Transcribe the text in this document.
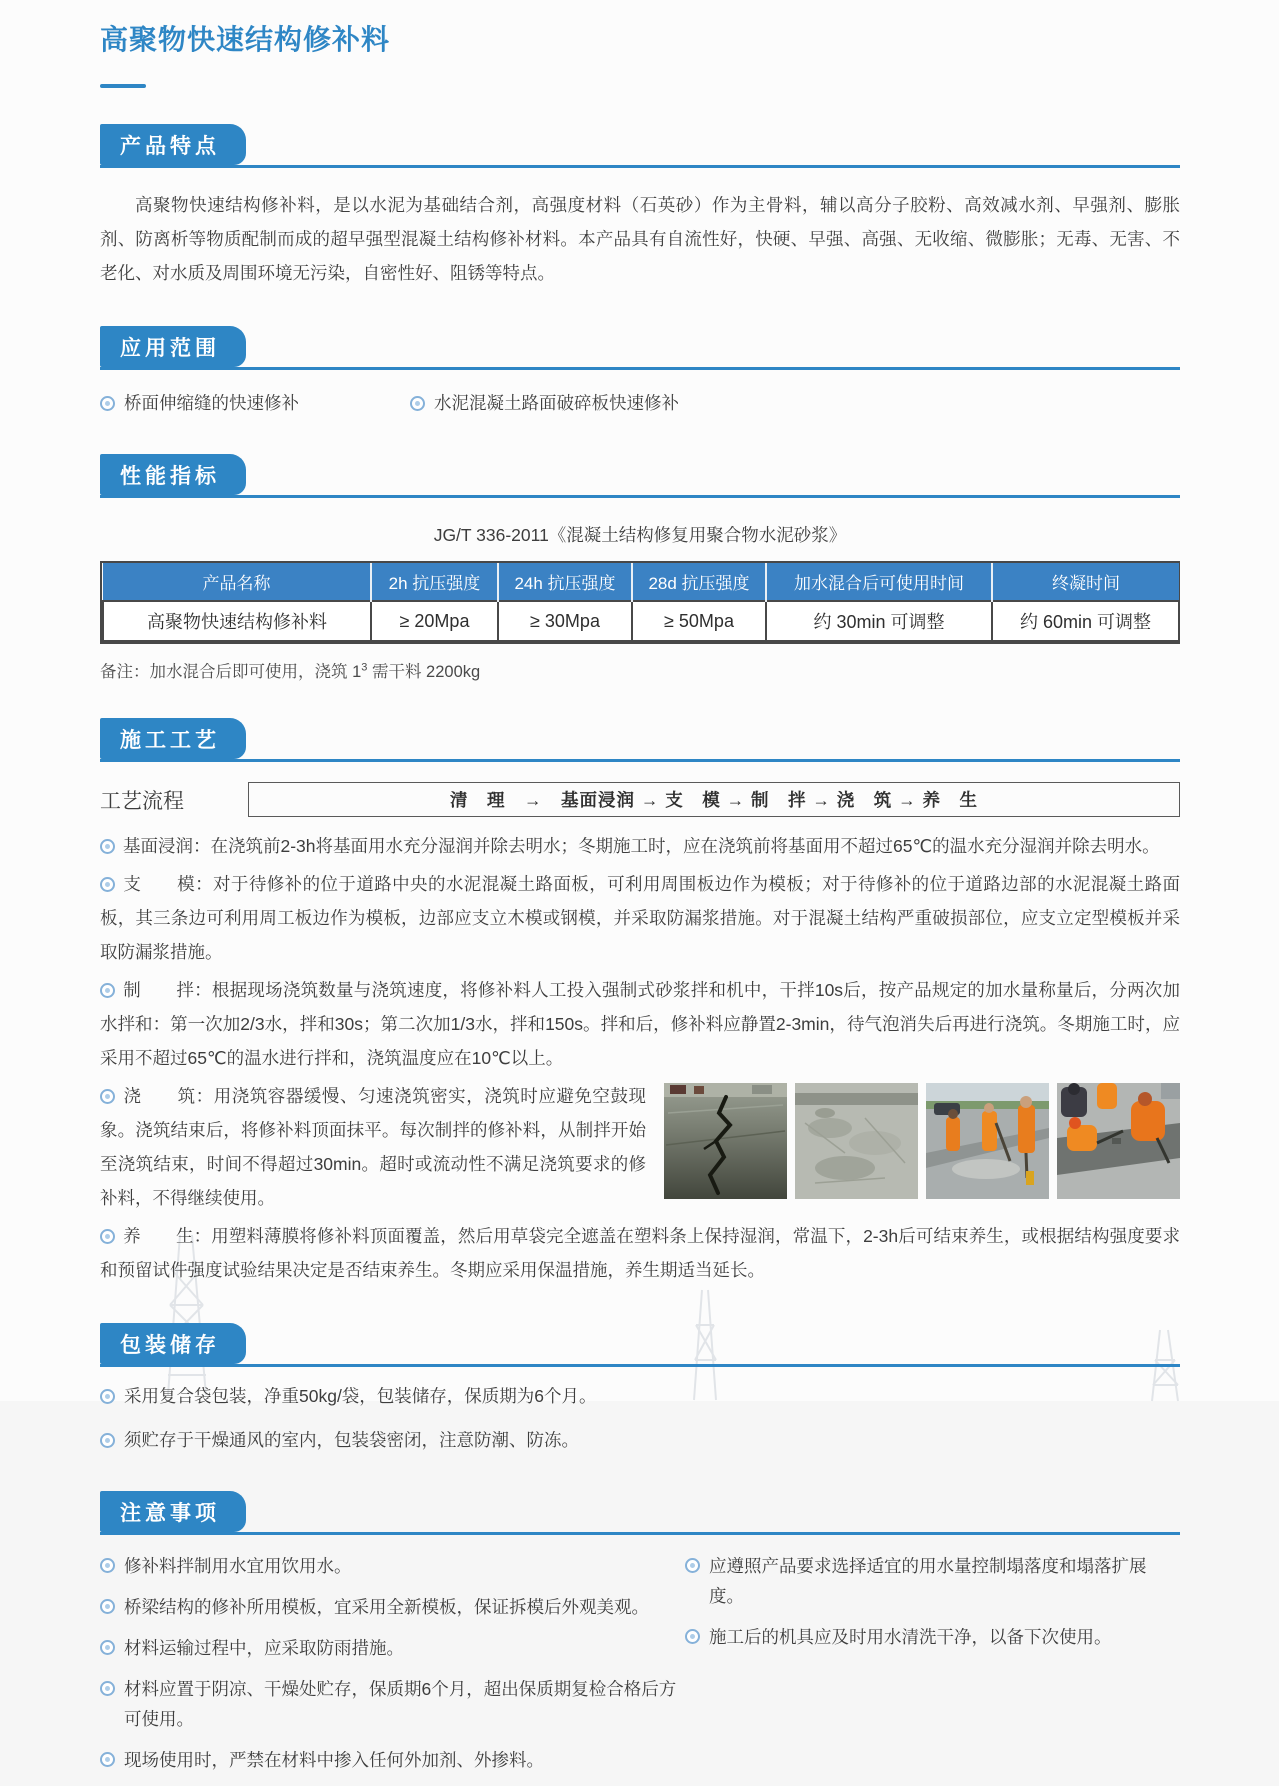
高聚物快速结构修补料
产品特点

高聚物快速结构修补料，是以水泥为基础结合剂，高强度材料（石英砂）作为主骨料，辅以高分子胶粉、高效减水剂、早强剂、膨胀剂、防离析等物质配制而成的超早强型混凝土结构修补材料。本产品具有自流性好，快硬、早强、高强、无收缩、微膨胀；无毒、无害、不老化、对水质及周围环境无污染，自密性好、阻锈等特点。

应用范围
桥面伸缩缝的快速修补	水泥混凝土路面破碎板快速修补
性能指标
JG/T 336-2011《混凝土结构修复用聚合物水泥砂浆》
产品名称	2h 抗压强度	24h 抗压强度	28d 抗压强度	加水混合后可使用时间	终凝时间
高聚物快速结构修补料	≥ 20Mpa	≥ 30Mpa	≥ 50Mpa	约 30min 可调整	约 60min 可调整
备注：加水混合后即可使用，浇筑 $1^3$ 需干料 2200kg
施工工艺
工艺流程	清　理　→　基面浸润 → 支　模 → 制　拌 → 浇　筑 → 养　生

基面浸润：在浇筑前2-3h将基面用水充分湿润并除去明水；冬期施工时，应在浇筑前将基面用不超过65℃的温水充分湿润并除去明水。

支　　模：对于待修补的位于道路中央的水泥混凝土路面板，可利用周围板边作为模板；对于待修补的位于道路边部的水泥混凝土路面板，其三条边可利用周工板边作为模板，边部应支立木模或钢模，并采取防漏浆措施。对于混凝土结构严重破损部位，应支立定型模板并采取防漏浆措施。

制　　拌：根据现场浇筑数量与浇筑速度，将修补料人工投入强制式砂浆拌和机中，干拌10s后，按产品规定的加水量称量后，分两次加水拌和：第一次加2/3水，拌和30s；第二次加1/3水，拌和150s。拌和后，修补料应静置2-3min，待气泡消失后再进行浇筑。冬期施工时，应采用不超过65℃的温水进行拌和，浇筑温度应在10℃以上。

浇　　筑：用浇筑容器缓慢、匀速浇筑密实，浇筑时应避免空鼓现象。浇筑结束后，将修补料顶面抹平。每次制拌的修补料，从制拌开始至浇筑结束，时间不得超过30min。超时或流动性不满足浇筑要求的修补料，不得继续使用。

养　　生：用塑料薄膜将修补料顶面覆盖，然后用草袋完全遮盖在塑料条上保持湿润，常温下，2-3h后可结束养生，或根据结构强度要求和预留试件强度试验结果决定是否结束养生。冬期应采用保温措施，养生期适当延长。

包装储存
采用复合袋包装，净重50kg/袋，包装储存，保质期为6个月。
须贮存于干燥通风的室内，包装袋密闭，注意防潮、防冻。
注意事项
修补料拌制用水宜用饮用水。
桥梁结构的修补所用模板，宜采用全新模板，保证拆模后外观美观。
材料运输过程中，应采取防雨措施。
材料应置于阴凉、干燥处贮存，保质期6个月，超出保质期复检合格后方可使用。
现场使用时，严禁在材料中掺入任何外加剂、外掺料。
应遵照产品要求选择适宜的用水量控制塌落度和塌落扩展度。
施工后的机具应及时用水清洗干净，以备下次使用。
